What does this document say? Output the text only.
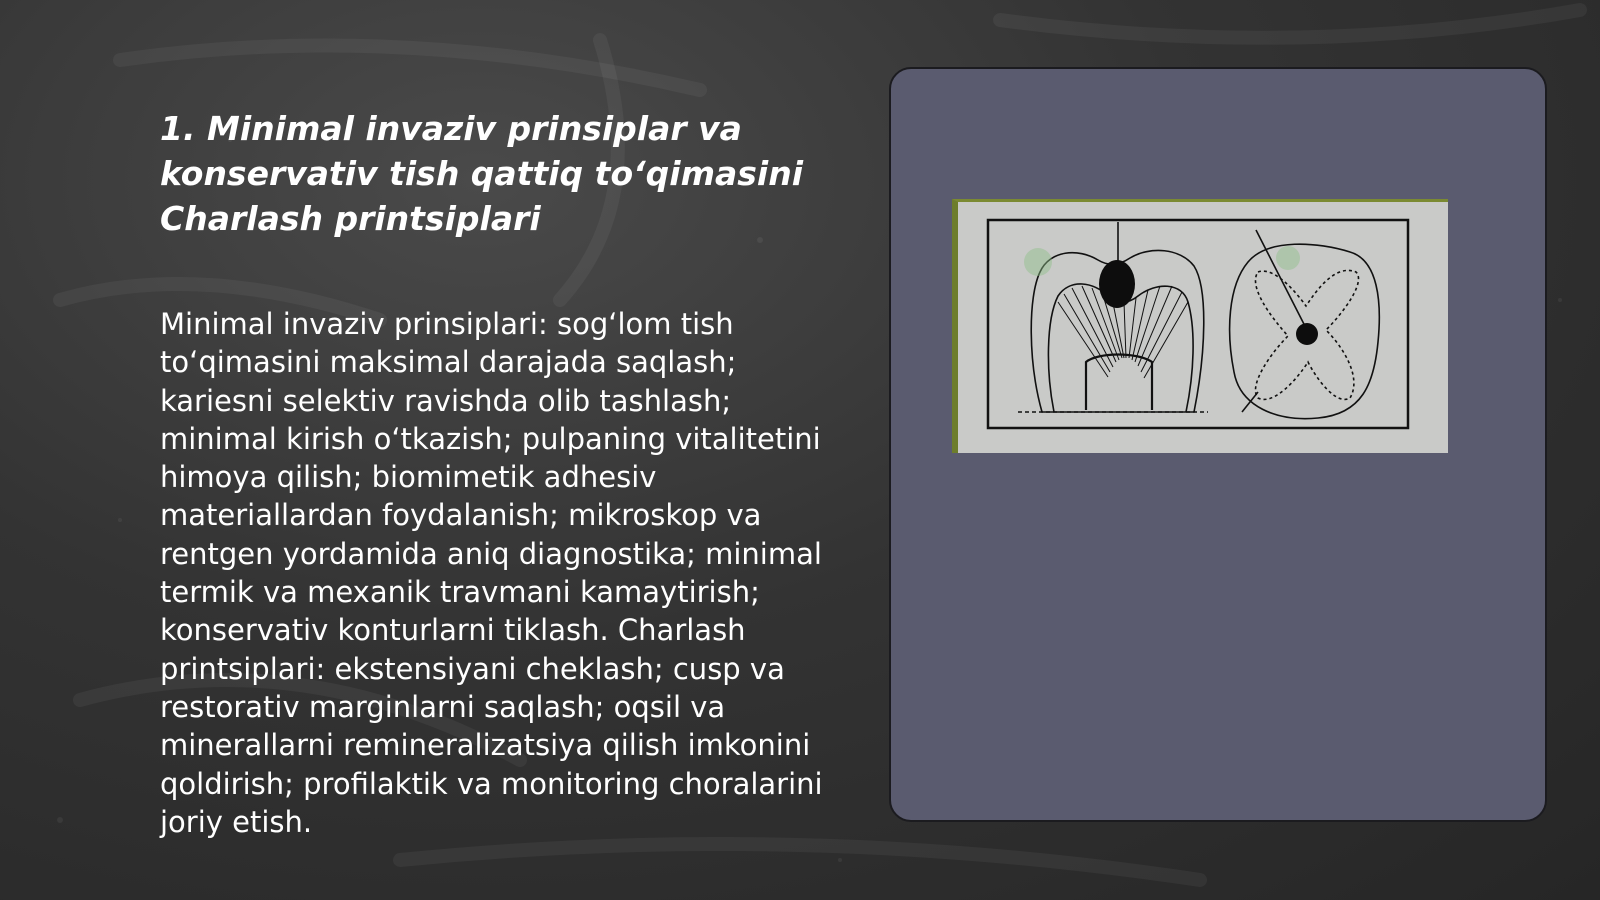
1. Minimal invaziv prinsiplar va konservativ tish qattiq to‘qimasini Charlash printsiplari

Minimal invaziv prinsiplari: sog‘lom tish to‘qimasini maksimal darajada saqlash; kariesni selektiv ravishda olib tashlash; minimal kirish o‘tkazish; pulpaning vitalitetini himoya qilish; biomimetik adhesiv materiallardan foydalanish; mikroskop va rentgen yordamida aniq diagnostika; minimal termik va mexanik travmani kamaytirish; konservativ konturlarni tiklash. Charlash printsiplari: ekstensiyani cheklash; cusp va restorativ marginlarni saqlash; oqsil va minerallarni remineralizatsiya qilish imkonini qoldirish; profilaktik va monitoring choralarini joriy etish.
